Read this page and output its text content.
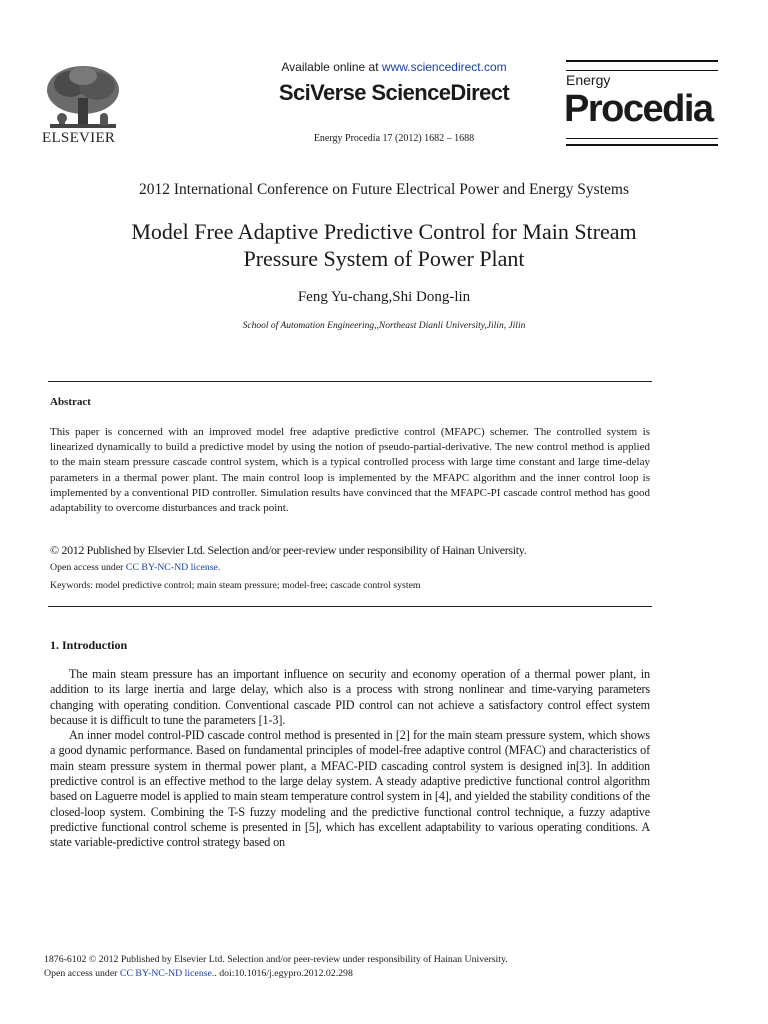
ELSEVIER
Available online at www.sciencedirect.com
SciVerse ScienceDirect
Energy Procedia 17 (2012) 1682 – 1688
Energy
Procedia
2012 International Conference on Future Electrical Power and Energy Systems
Model Free Adaptive Predictive Control for Main Stream
Pressure System of Power Plant
Feng Yu-chang,Shi Dong-lin
School of Automation Engineering,,Northeast Dianli University,Jilin, Jilin
Abstract
This paper is concerned with an improved model free adaptive predictive control (MFAPC) schemer. The controlled system is linearized dynamically to build a predictive model by using the notion of pseudo-partial-derivative. The new control method is applied to the main steam pressure cascade control system, which is a typical controlled process with large time constant and large time-delay parameters in a thermal power plant. The main control loop is implemented by the MFAPC algorithm and the inner control loop is implemented by a conventional PID controller. Simulation results have convinced that the MFAPC-PI cascade control method has good adaptability to overcome disturbances and track point.
© 2012 Published by Elsevier Ltd. Selection and/or peer-review under responsibility of Hainan University.
Open access under CC BY-NC-ND license.
Keywords: model predictive control; main steam pressure; model-free; cascade control system
1. Introduction

The main steam pressure has an important influence on security and economy operation of a thermal power plant, in addition to its large inertia and large delay, which also is a process with strong nonlinear and time-varying parameters changing with operating condition. Conventional cascade PID control can not achieve a satisfactory control effect system because it is difficult to tune the parameters [1-3].

An inner model control-PID cascade control method is presented in [2] for the main steam pressure system, which shows a good dynamic performance. Based on fundamental principles of model-free adaptive control (MFAC) and characteristics of main steam pressure system in thermal power plant, a MFAC-PID cascading control system is designed in[3]. In addition predictive control is an effective method to the large delay system. A steady adaptive predictive functional control algorithm based on Laguerre model is applied to main steam temperature control system in [4], and yielded the stability conditions of the closed-loop system. Combining the T-S fuzzy modeling and the predictive functional control technique, a fuzzy adaptive predictive functional control scheme is presented in [5], which has excellent adaptability to various operating conditions. A state variable-predictive control strategy based on

1876-6102 © 2012 Published by Elsevier Ltd. Selection and/or peer-review under responsibility of Hainan University.
Open access under CC BY-NC-ND license.. doi:10.1016/j.egypro.2012.02.298
